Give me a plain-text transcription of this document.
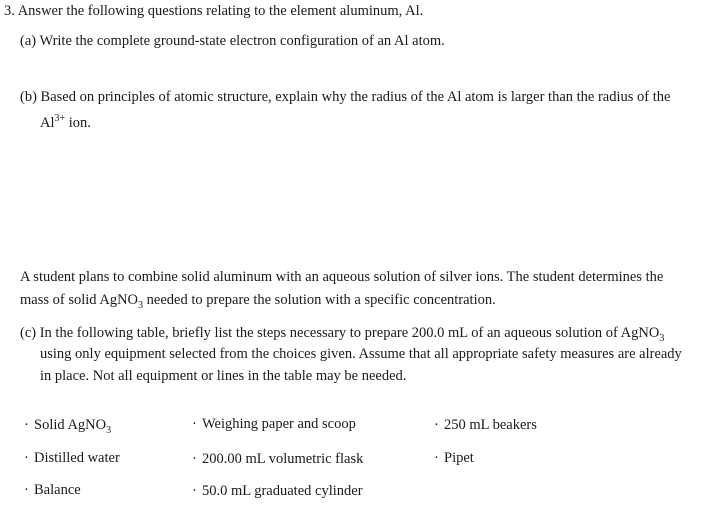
3. Answer the following questions relating to the element aluminum, Al.
(a) Write the complete ground-state electron configuration of an Al atom.
(b) Based on principles of atomic structure, explain why the radius of the Al atom is larger than the radius of the
$Al^{3+}$ ion.
A student plans to combine solid aluminum with an aqueous solution of silver ions. The student determines the
mass of solid AgNO$_3$ needed to prepare the solution with a specific concentration.
(c) In the following table, briefly list the steps necessary to prepare 200.0 mL of an aqueous solution of AgNO$_3$
using only equipment selected from the choices given. Assume that all appropriate safety measures are already
in place. Not all equipment or lines in the table may be needed.
· Solid AgNO$_3$
· Distilled water
· Balance
· Weighing paper and scoop
· 200.00 mL volumetric flask
· 50.0 mL graduated cylinder
· 250 mL beakers
· Pipet
